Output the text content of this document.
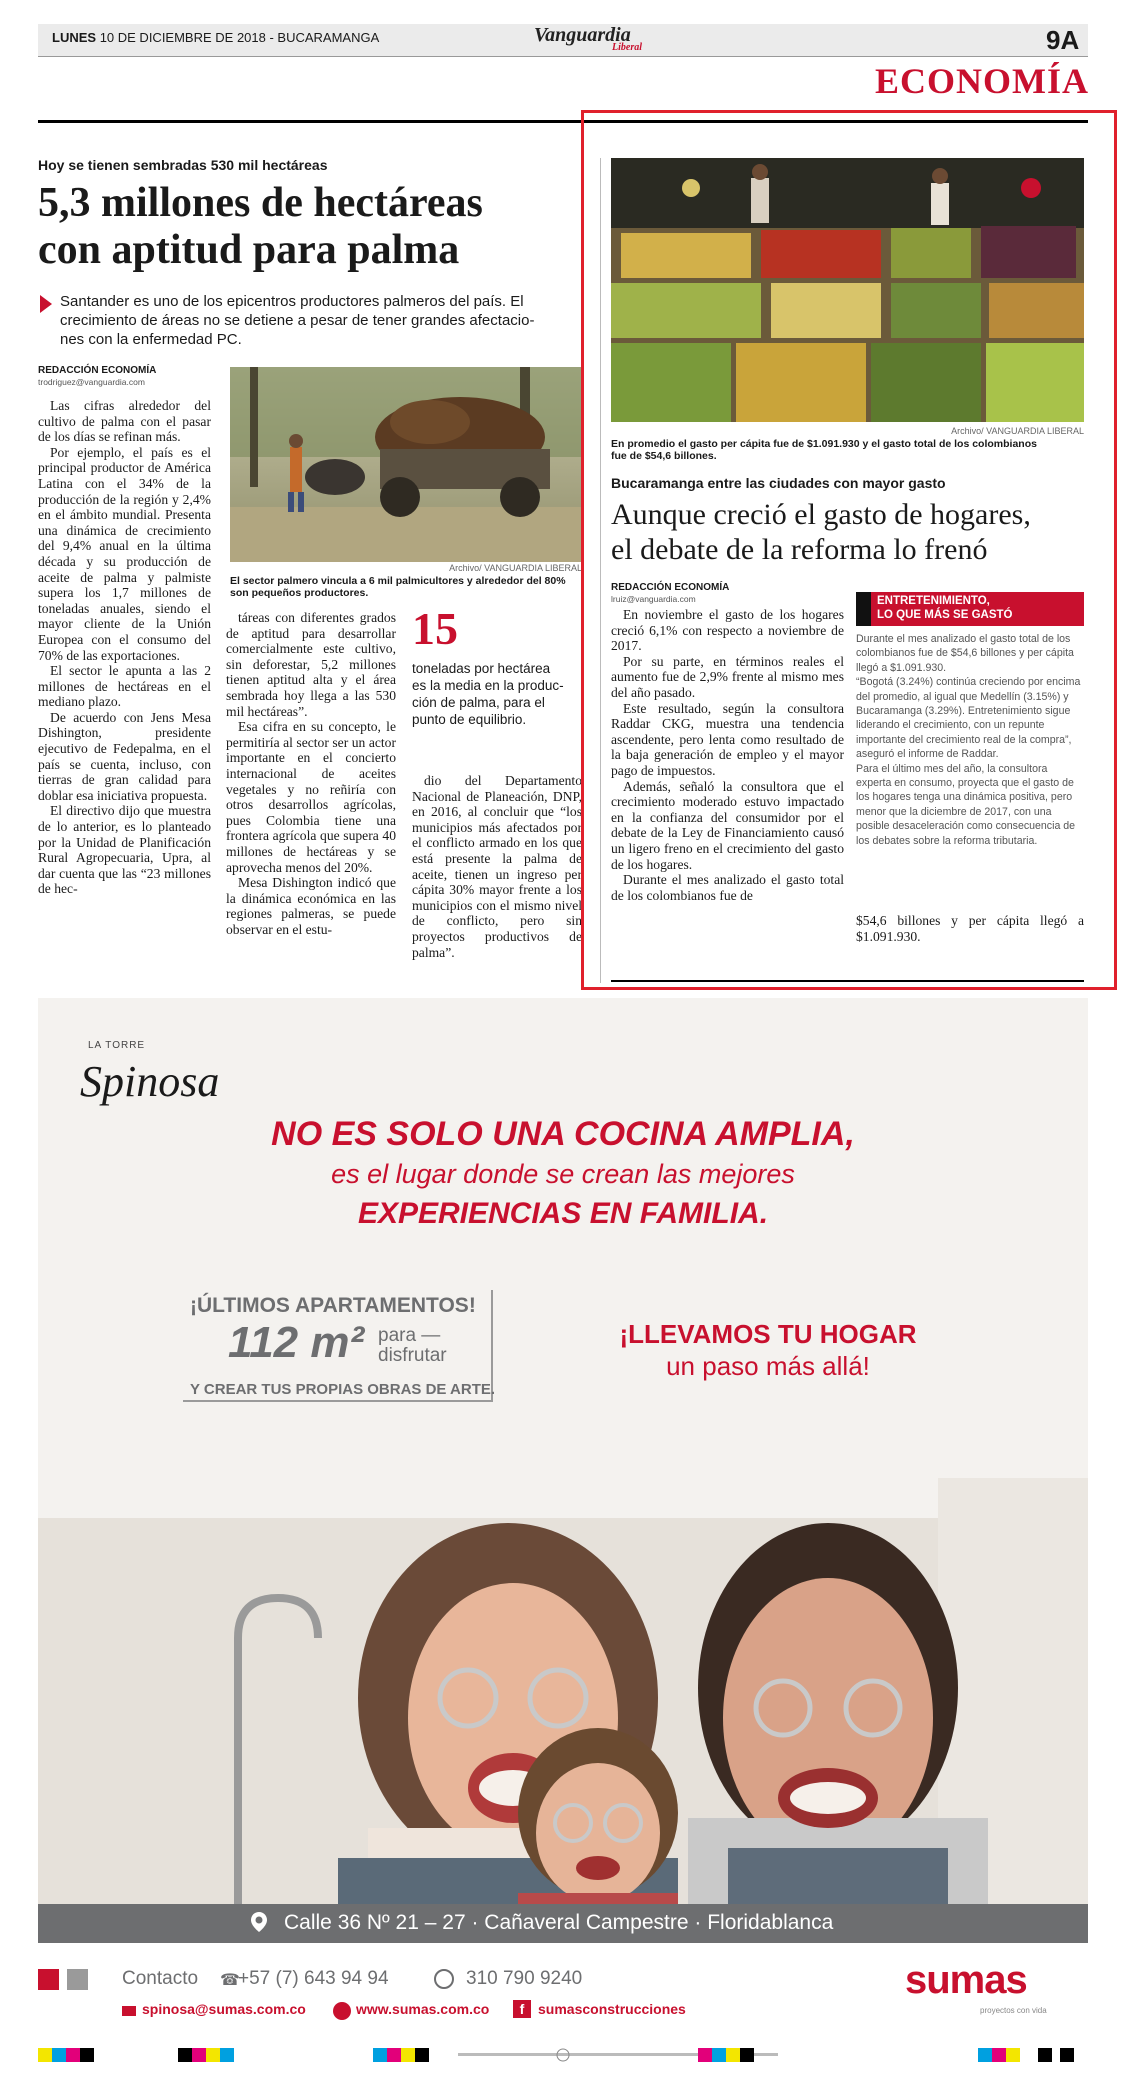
LUNES 10 DE DICIEMBRE DE 2018 - BUCARAMANGA	Vanguardia
Liberal	9A
ECONOMÍA
Hoy se tienen sembradas 530 mil hectáreas
5,3 millones de hectáreas
con aptitud para palma
Santander es uno de los epicentros productores palmeros del país. El
crecimiento de áreas no se detiene a pesar de tener grandes afectacio-
nes con la enfermedad PC.
REDACCIÓN ECONOMÍA
trodriguez@vanguardia.com
Archivo/ VANGUARDIA LIBERAL
El sector palmero vincula a 6 mil palmicultores y alrededor del 80%
son pequeños productores.

Las cifras alrededor del cultivo de palma con el pasar de los días se refinan más.

Por ejemplo, el país es el principal productor de América Latina con el 34% de la producción de la región y 2,4% en el ámbito mundial. Presenta una dinámica de crecimiento del 9,4% anual en la última década y su producción de aceite de palma y palmiste supera los 1,7 millones de toneladas anuales, siendo el mayor cliente de la Unión Europea con el consumo del 70% de las exportaciones.

El sector le apunta a las 2 millones de hectáreas en el mediano plazo.

De acuerdo con Jens Mesa Dishington, presidente ejecutivo de Fedepalma, en el país se cuenta, incluso, con tierras de gran calidad para doblar esa iniciativa propuesta.

El directivo dijo que muestra de lo anterior, es lo planteado por la Unidad de Planificación Rural Agropecuaria, Upra, al dar cuenta que las “23 millones de hec-

táreas con diferentes grados de aptitud para desarrollar comercialmente este cultivo, sin deforestar, 5,2 millones tienen aptitud alta y el área sembrada hoy llega a las 530 mil hectáreas”.

Esa cifra en su concepto, le permitiría al sector ser un actor importante en el concierto internacional de aceites vegetales y no reñiría con otros desarrollos agrícolas, pues Colombia tiene una frontera agrícola que supera 40 millones de hectáreas y se aprovecha menos del 20%.

Mesa Dishington indicó que la dinámica económica en las regiones palmeras, se puede observar en el estu-

15
toneladas por hectárea
es la media en la produc-
ción de palma, para el
punto de equilibrio.

dio del Departamento Nacional de Planeación, DNP, en 2016, al concluir que “los municipios más afectados por el conflicto armado en los que está presente la palma de aceite, tienen un ingreso per cápita 30% mayor frente a los municipios con el mismo nivel de conflicto, pero sin proyectos productivos de palma”.

Archivo/ VANGUARDIA LIBERAL
En promedio el gasto per cápita fue de $1.091.930 y el gasto total de los colombianos
fue de $54,6 billones.
Bucaramanga entre las ciudades con mayor gasto
Aunque creció el gasto de hogares,
el debate de la reforma lo frenó
REDACCIÓN ECONOMÍA
lruiz@vanguardia.com

En noviembre el gasto de los hogares creció 6,1% con respecto a noviembre de 2017.

Por su parte, en términos reales el aumento fue de 2,9% frente al mismo mes del año pasado.

Este resultado, según la consultora Raddar CKG, muestra una tendencia ascendente, pero lenta como resultado de la baja generación de empleo y el mayor pago de impuestos.

Además, señaló la consultora que el crecimiento moderado estuvo impactado en la confianza del consumidor por el debate de la Ley de Financiamiento causó un ligero freno en el crecimiento del gasto de los hogares.

Durante el mes analizado el gasto total de los colombianos fue de

ENTRETENIMIENTO,
LO QUE MÁS SE GASTÓ

Durante el mes analizado el gasto total de los colombianos fue de $54,6 billones y per cápita llegó a $1.091.930.

“Bogotá (3.24%) continúa creciendo por encima del promedio, al igual que Medellín (3.15%) y Bucaramanga (3.29%). Entretenimiento sigue liderando el crecimiento, con un repunte importante del crecimiento real de la compra”, aseguró el informe de Raddar.

Para el último mes del año, la consultora experta en consumo, proyecta que el gasto de los hogares tenga una dinámica positiva, pero menor que la diciembre de 2017, con una posible desaceleración como consecuencia de los debates sobre la reforma tributaria.

$54,6 billones y per cápita llegó a $1.091.930.
LA TORRE
Spinosa
NO ES SOLO UNA COCINA AMPLIA,
es el lugar donde se crean las mejores
EXPERIENCIAS EN FAMILIA.
¡ÚLTIMOS APARTAMENTOS!
112 m² para —
disfrutar
Y CREAR TUS PROPIAS OBRAS DE ARTE.
¡LLEVAMOS TU HOGAR
un paso más allá!
Calle 36 Nº 21 – 27 · Cañaveral Campestre · Floridablanca
Contacto ☎
+57 (7) 643 94 94	310 790 9240
spinosa@sumas.com.co	www.sumas.com.co	f sumasconstrucciones
sumas
proyectos con vida
